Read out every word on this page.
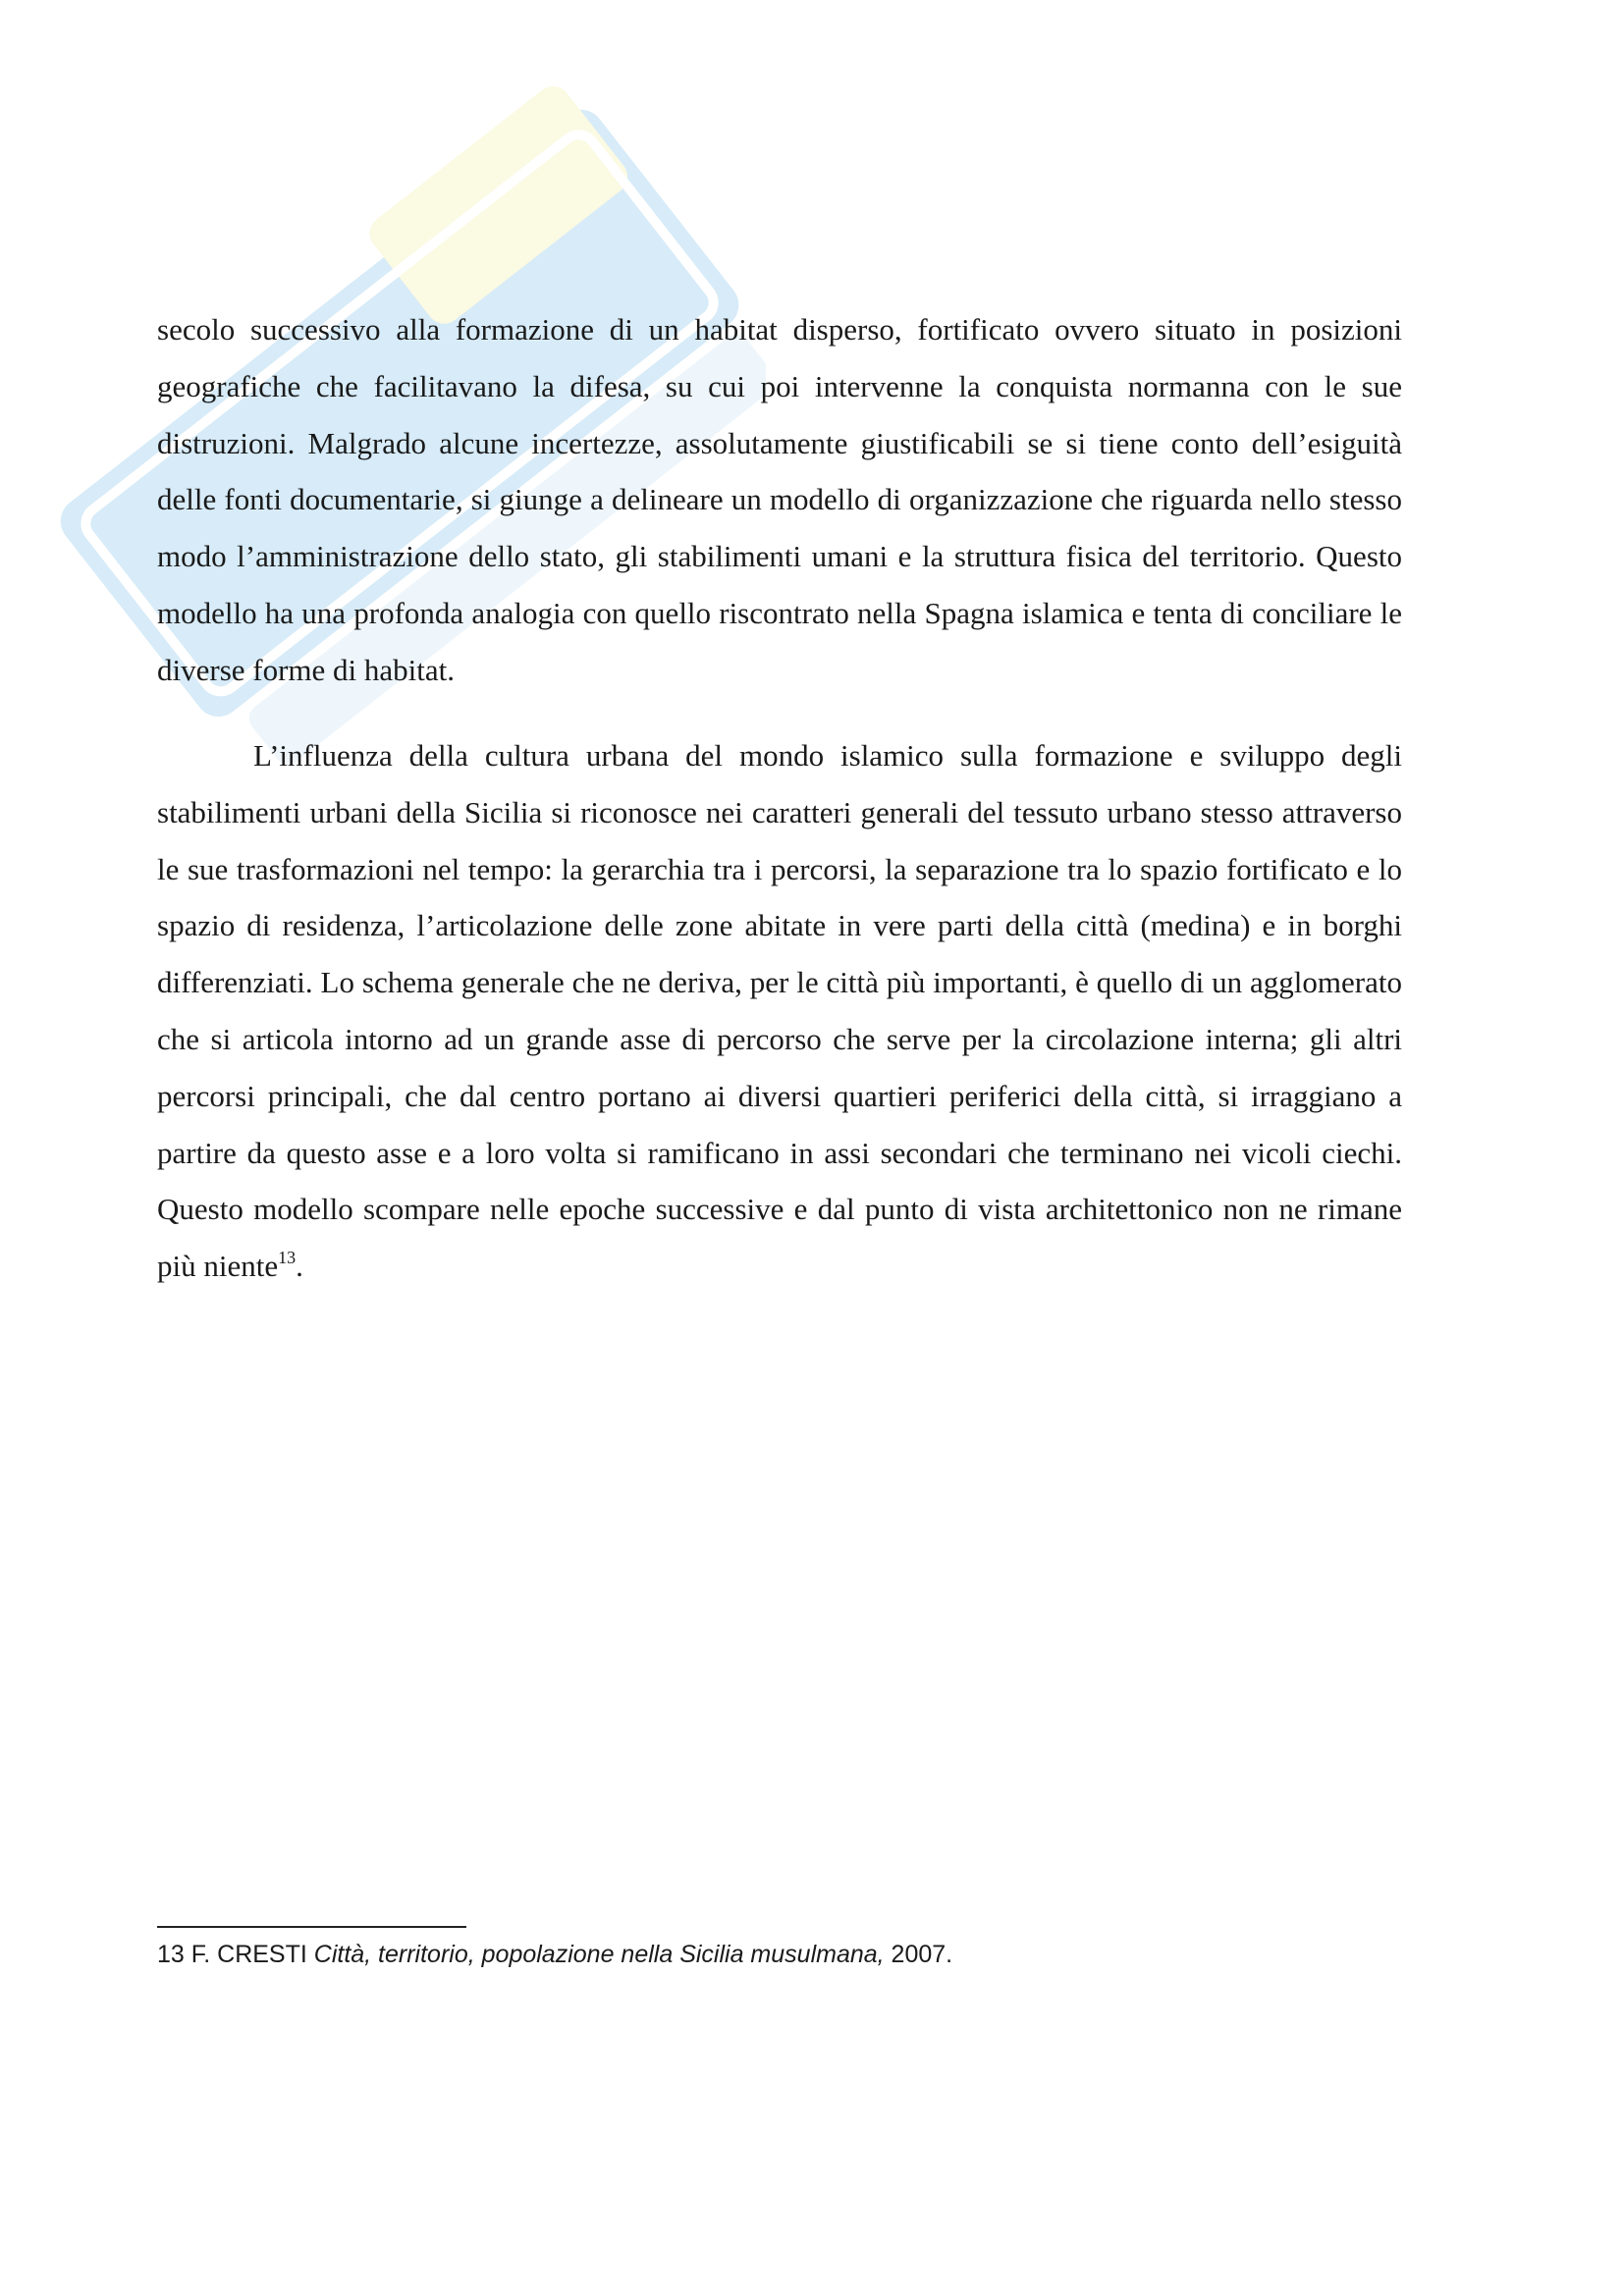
secolo successivo alla formazione di un habitat disperso, fortificato ovvero situato in posizioni geografiche che facilitavano la difesa, su cui poi intervenne la conquista normanna con le sue distruzioni. Malgrado alcune incertezze, assolutamente giustificabili se si tiene conto dell’esiguità delle fonti documentarie, si giunge a delineare un modello di organizzazione che riguarda nello stesso modo l’amministrazione dello stato, gli stabilimenti umani e la struttura fisica del territorio. Questo modello ha una profonda analogia con quello riscontrato nella Spagna islamica e tenta di conciliare le diverse forme di habitat.

L’influenza della cultura urbana del mondo islamico sulla formazione e sviluppo degli stabilimenti urbani della Sicilia si riconosce nei caratteri generali del tessuto urbano stesso attraverso le sue trasformazioni nel tempo: la gerarchia tra i percorsi, la separazione tra lo spazio fortificato e lo spazio di residenza, l’articolazione delle zone abitate in vere parti della città (medina) e in borghi differenziati. Lo schema generale che ne deriva, per le città più importanti, è quello di un agglomerato che si articola intorno ad un grande asse di percorso che serve per la circolazione interna; gli altri percorsi principali, che dal centro portano ai diversi quartieri periferici della città, si irraggiano a partire da questo asse e a loro volta si ramificano in assi secondari che terminano nei vicoli ciechi. Questo modello scompare nelle epoche successive e dal punto di vista architettonico non ne rimane più niente$^{13}$.

13 F. CRESTI Città, territorio, popolazione nella Sicilia musulmana, 2007.
